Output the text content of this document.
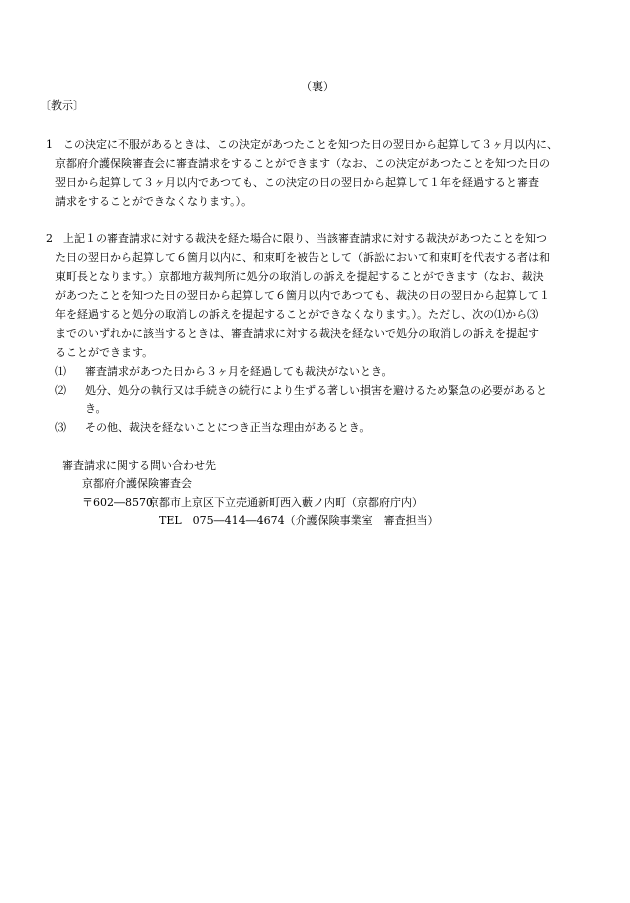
（裏）
〔教示〕
1 この決定に不服があるときは、この決定があつたことを知つた日の翌日から起算して３ヶ月以内に、
京都府介護保険審査会に審査請求をすることができます（なお、この決定があつたことを知つた日の
翌日から起算して３ヶ月以内であつても、この決定の日の翌日から起算して１年を経過すると審査
請求をすることができなくなります。）。
2 上記１の審査請求に対する裁決を経た場合に限り、当該審査請求に対する裁決があつたことを知つ
た日の翌日から起算して６箇月以内に、和束町を被告として（訴訟において和束町を代表する者は和
東町長となります。）京都地方裁判所に処分の取消しの訴えを提起することができます（なお、裁決
があつたことを知つた日の翌日から起算して６箇月以内であつても、裁決の日の翌日から起算して１
年を経過すると処分の取消しの訴えを提起することができなくなります。）。ただし、次の⑴から⑶
までのいずれかに該当するときは、審査請求に対する裁決を経ないで処分の取消しの訴えを提起す
ることができます。
⑴ 審査請求があつた日から３ヶ月を経過しても裁決がないとき。
⑵ 処分、処分の執行又は手続きの続行により生ずる著しい損害を避けるため緊急の必要があると
き。
⑶ その他、裁決を経ないことにつき正当な理由があるとき。
審査請求に関する問い合わせ先
京都府介護保険審査会
〒602―8570
京都市上京区下立売通新町西入藪ノ内町（京都府庁内）
TEL　075―414―4674（介護保険事業室　審査担当）
